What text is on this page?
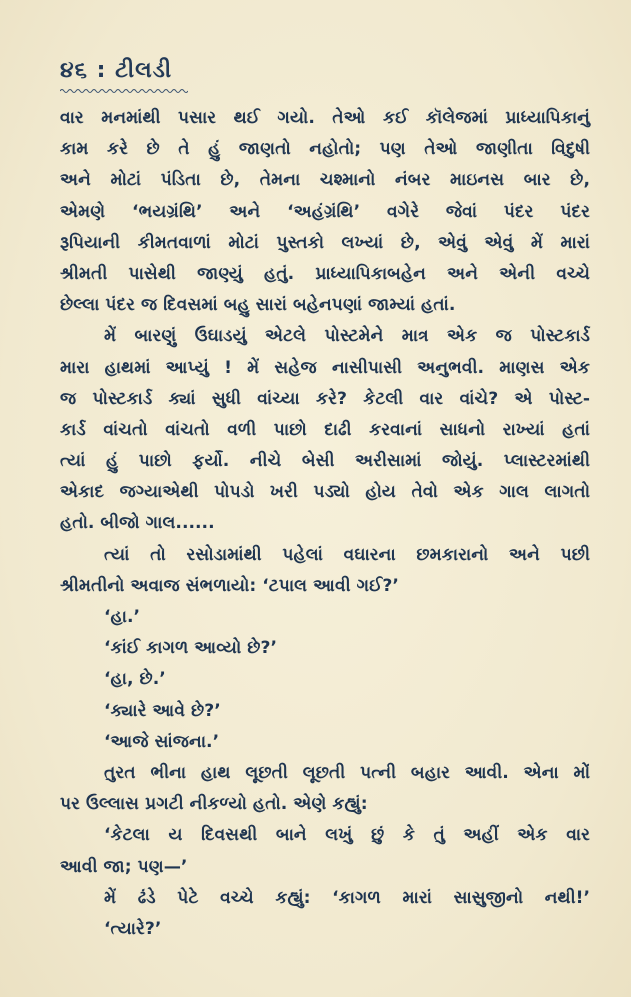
૪૬ : ટીલડી
વાર મનમાંથી પસાર થઈ ગયો. તેઓ કઈ કૉલેજમાં પ્રાધ્યાપિકાનું
કામ કરે છે તે હું જાણતો નહોતો; પણ તેઓ જાણીતા વિદુષી
અને મોટાં પંડિતા છે, તેમના ચશ્માનો નંબર માઇનસ બાર છે,
એમણે ‘ભયગ્રંથિ’ અને ‘અહંગ્રંથિ’ વગેરે જેવાં પંદર પંદર
રૂપિયાની કીમતવાળાં મોટાં પુસ્તકો લખ્યાં છે, એવું એવું મેં મારાં
શ્રીમતી પાસેથી જાણ્યું હતું. પ્રાધ્યાપિકાબહેન અને એની વચ્ચે
છેલ્લા પંદર જ દિવસમાં બહુ સારાં બહેનપણાં જામ્યાં હતાં.
મેં બારણું ઉઘાડયું એટલે પોસ્ટમેને માત્ર એક જ પોસ્ટકાર્ડ
મારા હાથમાં આપ્યું ! મેં સહેજ નાસીપાસી અનુભવી. માણસ એક
જ પોસ્ટકાર્ડ ક્યાં સુધી વાંચ્યા કરે? કેટલી વાર વાંચે? એ પોસ્ટ-
કાર્ડ વાંચતો વાંચતો વળી પાછો દાઢી કરવાનાં સાધનો રાખ્યાં હતાં
ત્યાં હું પાછો ફર્યો. નીચે બેસી અરીસામાં જોયું. પ્લાસ્ટરમાંથી
એકાદ જગ્યાએથી પોપડો ખરી પડ્યો હોય તેવો એક ગાલ લાગતો
હતો. બીજો ગાલ......
ત્યાં તો રસોડામાંથી પહેલાં વઘારના છમકારાનો અને પછી
શ્રીમતીનો અવાજ સંભળાયો: ‘ટપાલ આવી ગઈ?’
‘હા.’
‘કાંઈ કાગળ આવ્યો છે?’
‘હા, છે.’
‘ક્યારે આવે છે?’
‘આજે સાંજના.’
તુરત ભીના હાથ લૂછતી લૂછતી પત્ની બહાર આવી. એના મોં
પર ઉલ્લાસ પ્રગટી નીકળ્યો હતો. એણે કહ્યું:
‘કેટલા ય દિવસથી બાને લખું છું કે તું અહીં એક વાર
આવી જા; પણ—’
મેં ઢંડે પેટે વચ્ચે કહ્યું: ‘કાગળ મારાં સાસુજીનો નથી!’
‘ત્યારે?’
